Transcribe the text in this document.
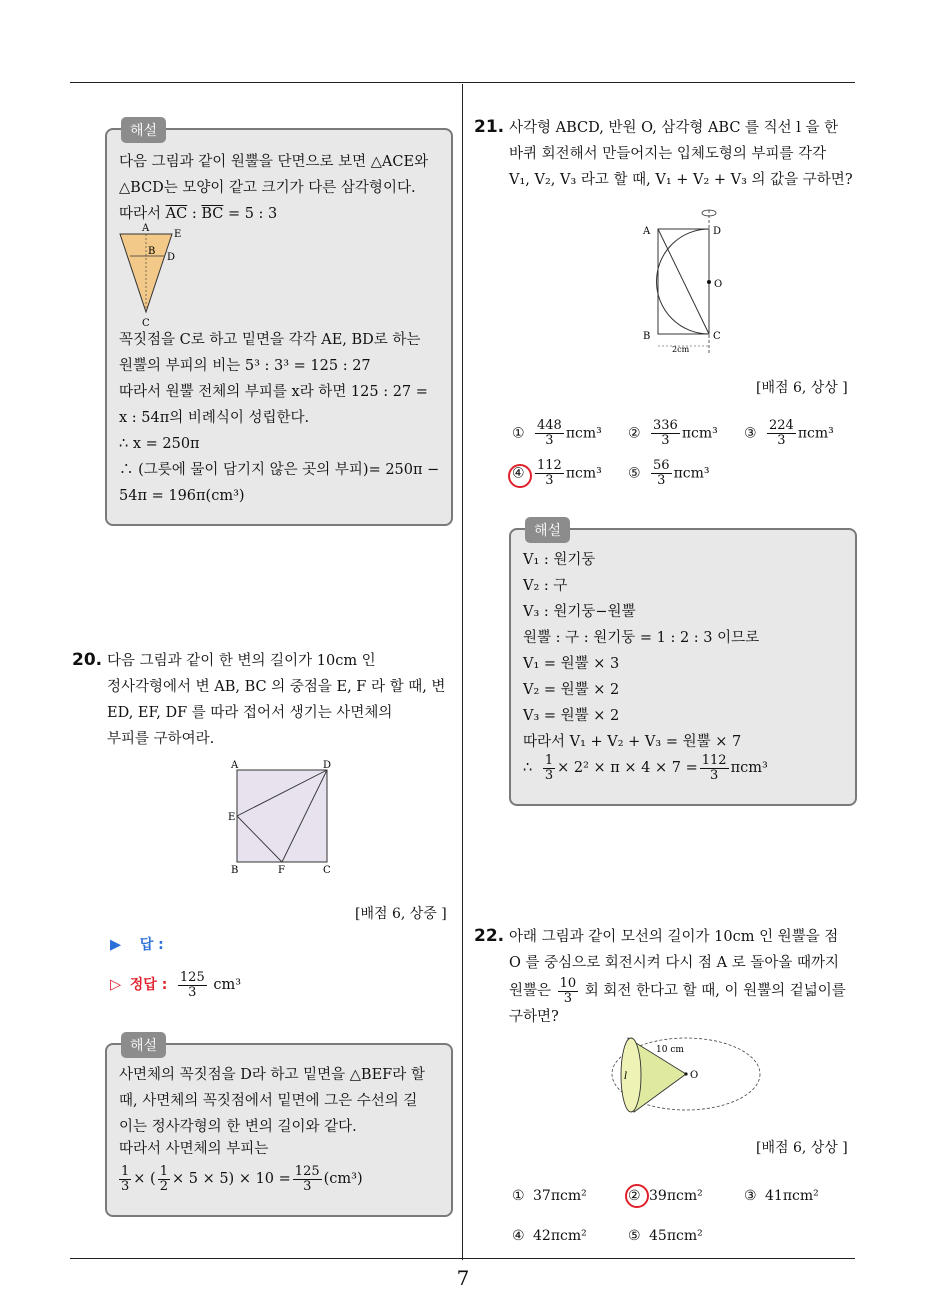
해설
다음 그림과 같이 원뿔을 단면으로 보면 △ACE와
△BCD는 모양이 같고 크기가 다른 삼각형이다.
따라서 $\overline{AC}$ : $\overline{BC} = 5$ : 3
A
E
B
D
C
꼭짓점을 C로 하고 밑면을 각각 AE, BD로 하는
원뿔의 부피의 비는 5³ : 3³ = 125 : 27
따라서 원뿔 전체의 부피를 x라 하면 125 : 27 =
x : 54π의 비례식이 성립한다.
∴ x = 250π
∴ (그릇에 물이 담기지 않은 곳의 부피)= 250π −
54π = 196π(cm³)
20. 다음 그림과 같이 한 변의 길이가 10cm 인
정사각형에서 변 AB, BC 의 중점을 E, F 라 할 때, 변
ED, EF, DF 를 따라 접어서 생기는 사면체의
부피를 구하여라.
A	D
E
B	F	C
[배점 6, 상중 ]
▶ 답 :
▷ 정답 : $\frac{125}{3} cm^3$
해설
사면체의 꼭짓점을 D라 하고 밑면을 △BEF라 할
때, 사면체의 꼭짓점에서 밑면에 그은 수선의 길
이는 정사각형의 한 변의 길이와 같다.
따라서 사면체의 부피는
$\frac{1}{3}$ × ( $\frac{1}{2} \times 5 \times 5) \times 10 = \frac{125}{3} (cm^3)$
21. 사각형 ABCD, 반원 O, 삼각형 ABC 를 직선 l 을 한
바퀴 회전해서 만들어지는 입체도형의 부피를 각각
V₁, V₂, V₃ 라고 할 때, V₁ + V₂ + V₃ 의 값을 구하면?
A	D
O
B	C
2cm
[배점 6, 상상 ]
① $\frac{448}{3} \pi cm^3$ ② $\frac{336}{3} \pi cm^3$ ③ $\frac{224}{3} \pi cm^3$
④ $\frac{112}{3} \pi cm^3$ ⑤ $\frac{56}{3} \pi cm^3$
해설
V₁ : 원기둥
V₂ : 구
V₃ : 원기둥−원뿔
원뿔 : 구 : 원기둥 = 1 : 2 : 3 이므로
V₁ = 원뿔 × 3
V₂ = 원뿔 × 2
V₃ = 원뿔 × 2
따라서 V₁ + V₂ + V₃ = 원뿔 × 7
∴ $\frac{1}{3} \times 2^2 \times \pi \times 4 \times 7 = \frac{112}{3} \pi cm^3$
22. 아래 그림과 같이 모선의 길이가 10cm 인 원뿔을 점
O 를 중심으로 회전시켜 다시 점 A 로 돌아올 때까지
원뿔은 $\frac{10}{3}$ 회 회전 한다고 할 때, 이 원뿔의 겉넓이를
구하면?
10 cm
O
l
[배점 6, 상상 ]
① 37πcm²	② 39πcm²	③ 41πcm²
④ 42πcm²	⑤ 45πcm²
7
